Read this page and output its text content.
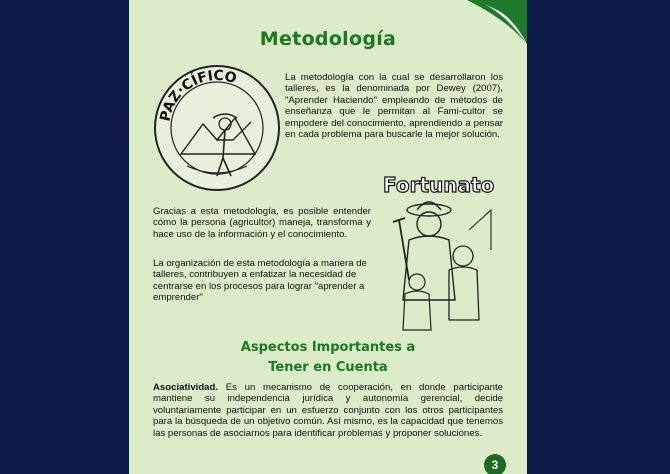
Metodología
PAZ·CÍFICO	La metodología con la cual se desarrollaron los talleres, es la denominada por Dewey (2007), "Aprender Haciendo" empleando de métodos de enseñanza que le permitan al Fami-cultor se empodere del conocimiento, aprendiendo a pensar en cada problema para buscarle la mejor solución.

Fortunato

Gracias a esta metodología, es posible entender cómo la persona (agricultor) maneja, transforma y hace uso de la información y el conocimiento.

La organización de esta metodología a manera de talleres, contribuyen a enfatizar la necesidad de centrarse en los procesos para lograr "aprender a emprender"

Aspectos Importantes a
Tener en Cuenta

Asociatividad. Es un mecanismo de cooperación, en donde participante mantiene su independencia jurídica y autonomía gerencial, decide voluntariamente participar en un esfuerzo conjunto con los otros participantes para la búsqueda de un objetivo común. Así mismo, es la capacidad que tenemos las personas de asociarnos para identificar problemas y proponer soluciones.

3
